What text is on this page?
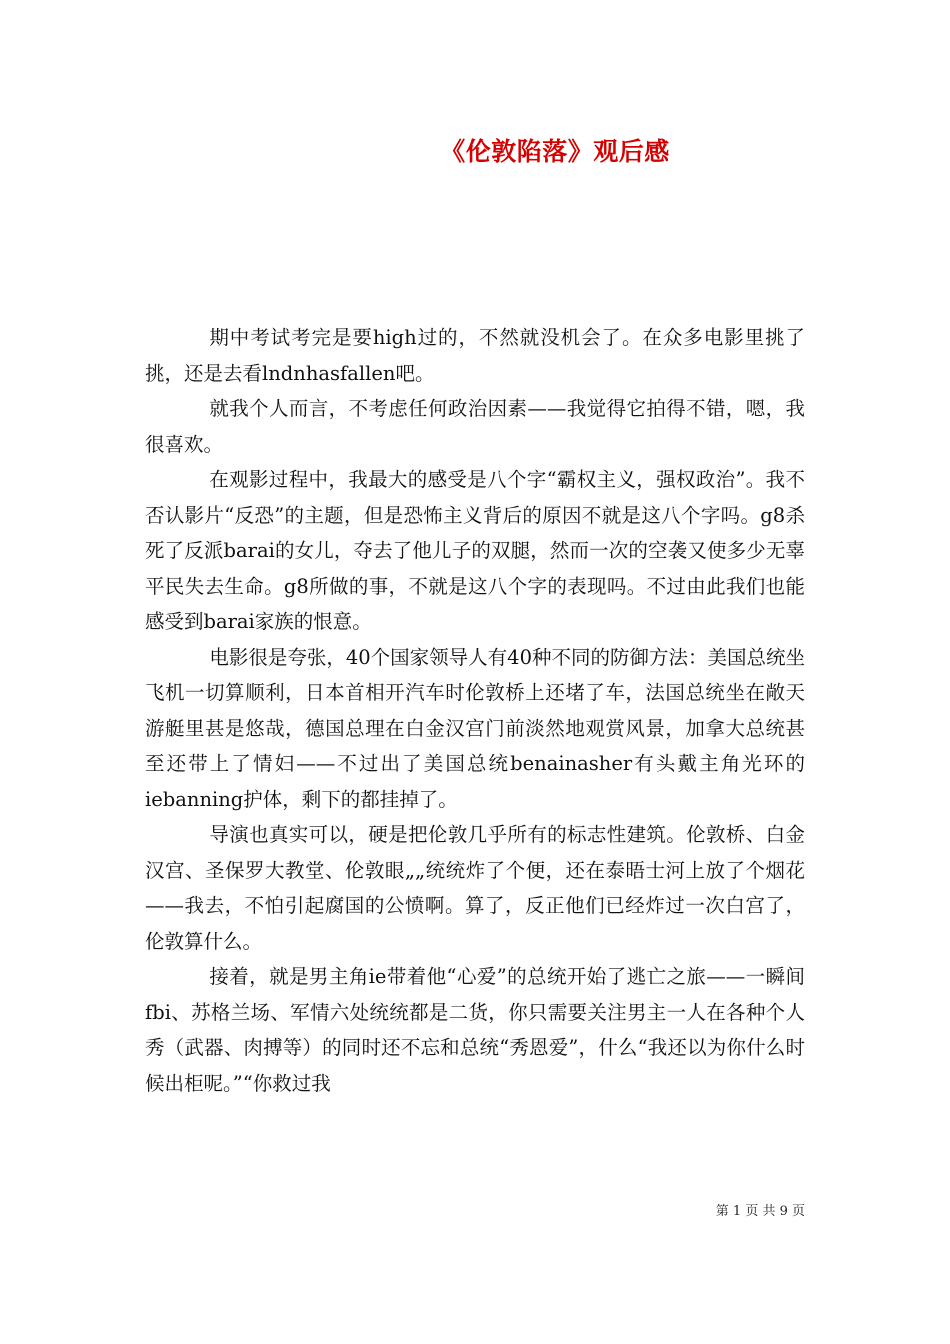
《伦敦陷落》观后感

期中考试考完是要high过的，不然就没机会了。在众多电影里挑了挑，还是去看lndnhasfallen吧。

就我个人而言，不考虑任何政治因素——我觉得它拍得不错，嗯，我很喜欢。

在观影过程中，我最大的感受是八个字“霸权主义，强权政治”。我不否认影片“反恐”的主题，但是恐怖主义背后的原因不就是这八个字吗。g8杀死了反派barai的女儿，夺去了他儿子的双腿，然而一次的空袭又使多少无辜平民失去生命。g8所做的事，不就是这八个字的表现吗。不过由此我们也能感受到barai家族的恨意。

电影很是夸张，40个国家领导人有40种不同的防御方法：美国总统坐飞机一切算顺利，日本首相开汽车时伦敦桥上还堵了车，法国总统坐在敞天游艇里甚是悠哉，德国总理在白金汉宫门前淡然地观赏风景，加拿大总统甚至还带上了情妇——不过出了美国总统benainasher有头戴主角光环的iebanning护体，剩下的都挂掉了。

导演也真实可以，硬是把伦敦几乎所有的标志性建筑。伦敦桥、白金汉宫、圣保罗大教堂、伦敦眼„„统统炸了个便，还在泰晤士河上放了个烟花——我去，不怕引起腐国的公愤啊。算了，反正他们已经炸过一次白宫了，伦敦算什么。

接着，就是男主角ie带着他“心爱”的总统开始了逃亡之旅——一瞬间fbi、苏格兰场、军情六处统统都是二货，你只需要关注男主一人在各种个人秀（武器、肉搏等）的同时还不忘和总统“秀恩爱”，什么“我还以为你什么时候出柜呢。”“你救过我

第 1 页 共 9 页
